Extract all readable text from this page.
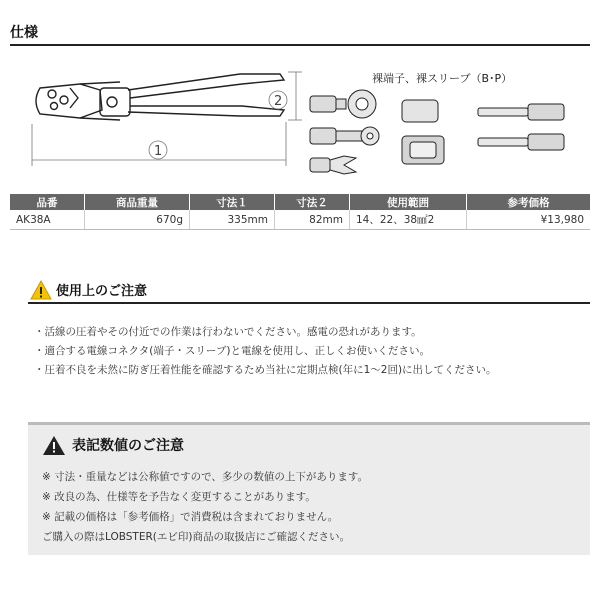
仕様
2
1
裸端子、裸スリーブ（B･P）
品番	商品重量	寸法１	寸法２	使用範囲	参考価格
AK38A	670g	335mm	82mm	14、22、38㎟2	¥13,980
使用上のご注意
・活線の圧着やその付近での作業は行わないでください。感電の恐れがあります。
・適合する電線コネクタ(端子・スリーブ)と電線を使用し、正しくお使いください。
・圧着不良を未然に防ぎ圧着性能を確認するため当社に定期点検(年に1～2回)に出してください。
表記数値のご注意
※ 寸法・重量などは公称値ですので、多少の数値の上下があります。
※ 改良の為、仕様等を予告なく変更することがあります。
※ 記載の価格は「参考価格」で消費税は含まれておりません。
ご購入の際はLOBSTER(エビ印)商品の取扱店にご確認ください。
